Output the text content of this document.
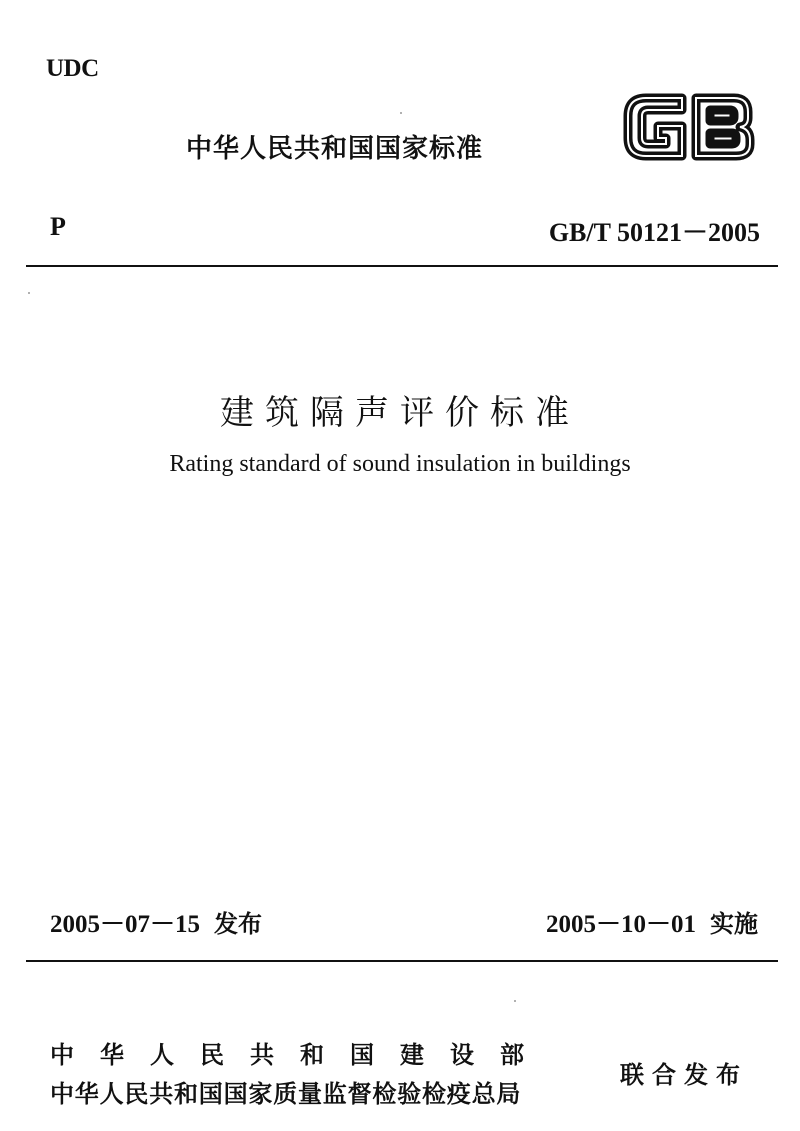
UDC
中华人民共和国国家标准
P	GB/T 50121－2005
建筑隔声评价标准
Rating standard of sound insulation in buildings
2005－07－15 发布	2005－10－01 实施
中华人民共和国建设部
中华人民共和国国家质量监督检验检疫总局
联合发布
